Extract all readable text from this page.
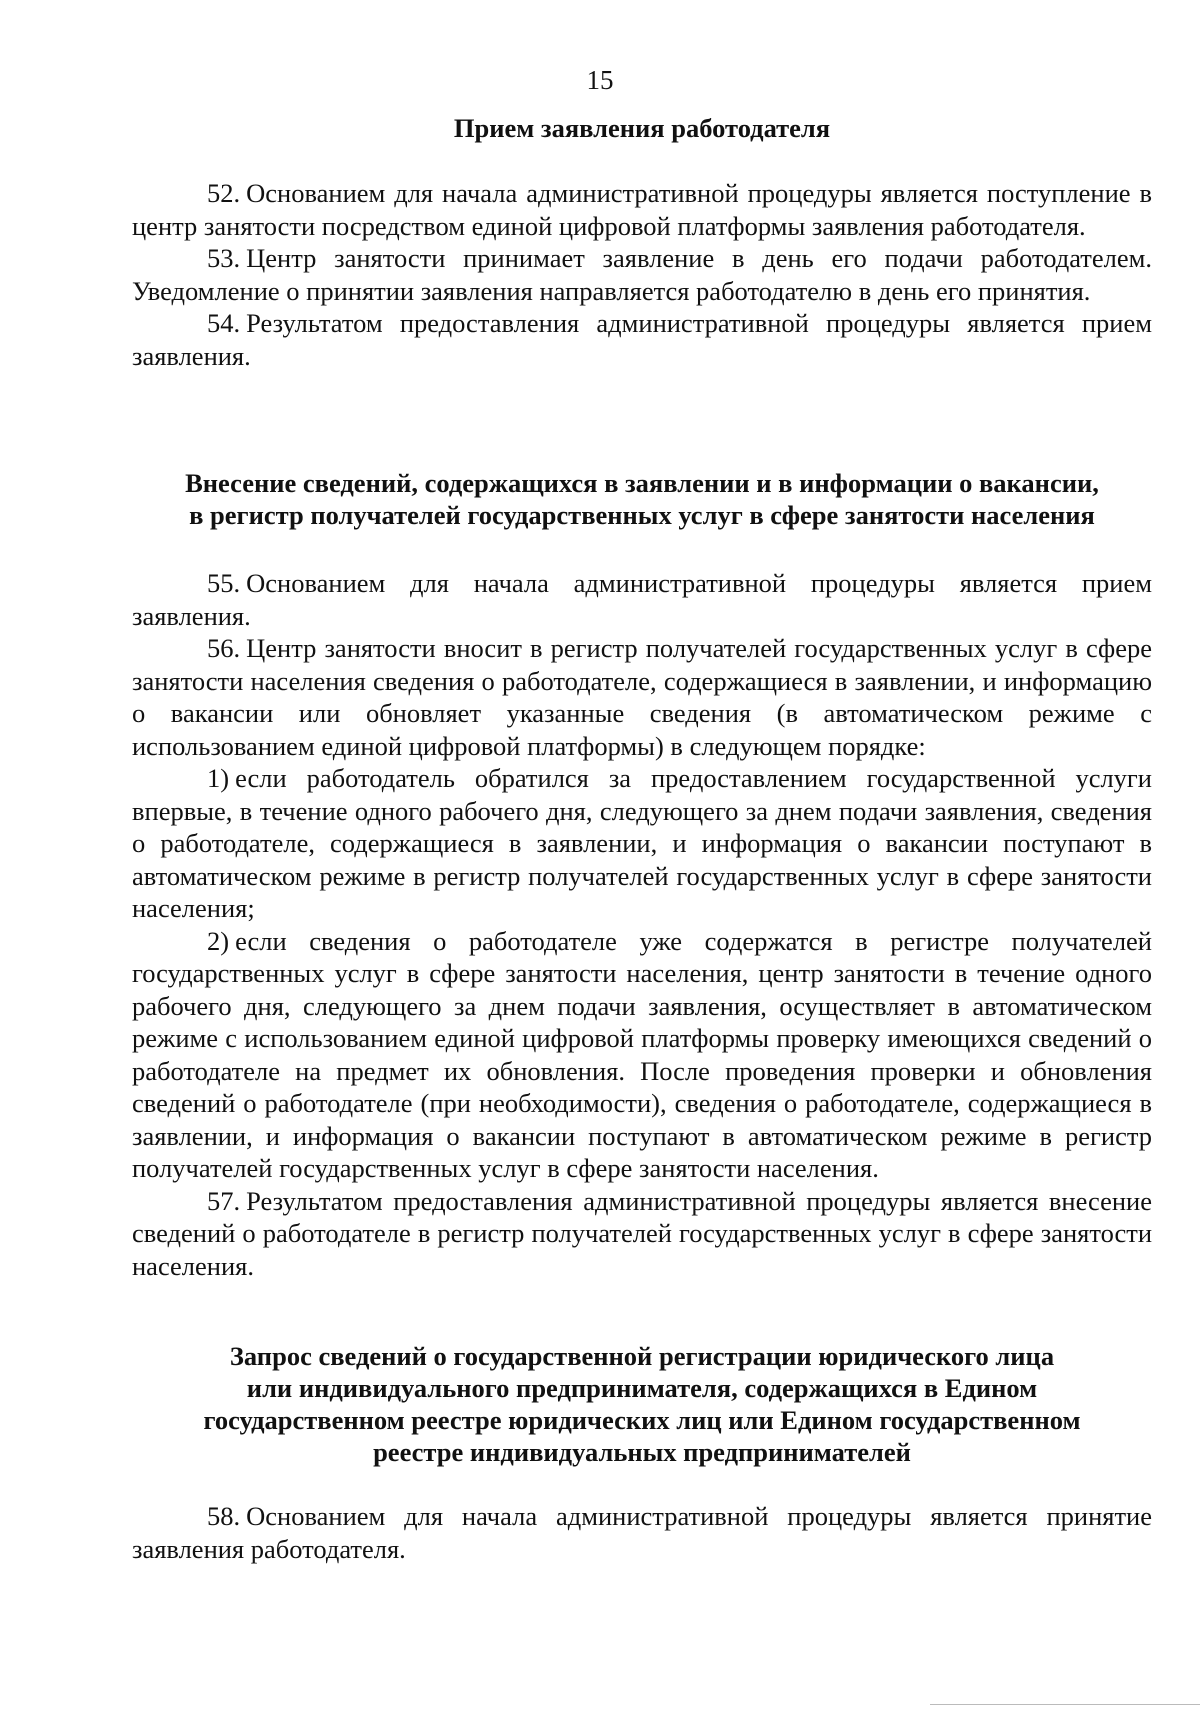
15

Прием заявления работодателя

52. Основанием для начала административной процедуры является поступление в центр занятости посредством единой цифровой платформы заявления работодателя.

53. Центр занятости принимает заявление в день его подачи работодателем. Уведомление о принятии заявления направляется работодателю в день его принятия.

54. Результатом предоставления административной процедуры является прием заявления.

Внесение сведений, содержащихся в заявлении и в информации о вакансии,

в регистр получателей государственных услуг в сфере занятости населения

55. Основанием для начала административной процедуры является прием заявления.

56. Центр занятости вносит в регистр получателей государственных услуг в сфере занятости населения сведения о работодателе, содержащиеся в заявлении, и информацию о вакансии или обновляет указанные сведения (в автоматическом режиме с использованием единой цифровой платформы) в следующем порядке:

1) если работодатель обратился за предоставлением государственной услуги впервые, в течение одного рабочего дня, следующего за днем подачи заявления, сведения о работодателе, содержащиеся в заявлении, и информация о вакансии поступают в автоматическом режиме в регистр получателей государственных услуг в сфере занятости населения;

2) если сведения о работодателе уже содержатся в регистре получателей государственных услуг в сфере занятости населения, центр занятости в течение одного рабочего дня, следующего за днем подачи заявления, осуществляет в автоматическом режиме с использованием единой цифровой платформы проверку имеющихся сведений о работодателе на предмет их обновления. После проведения проверки и обновления сведений о работодателе (при необходимости), сведения о работодателе, содержащиеся в заявлении, и информация о вакансии поступают в автоматическом режиме в регистр получателей государственных услуг в сфере занятости населения.

57. Результатом предоставления административной процедуры является внесение сведений о работодателе в регистр получателей государственных услуг в сфере занятости населения.

Запрос сведений о государственной регистрации юридического лица

или индивидуального предпринимателя, содержащихся в Едином

государственном реестре юридических лиц или Едином государственном

реестре индивидуальных предпринимателей

58. Основанием для начала административной процедуры является принятие заявления работодателя.
